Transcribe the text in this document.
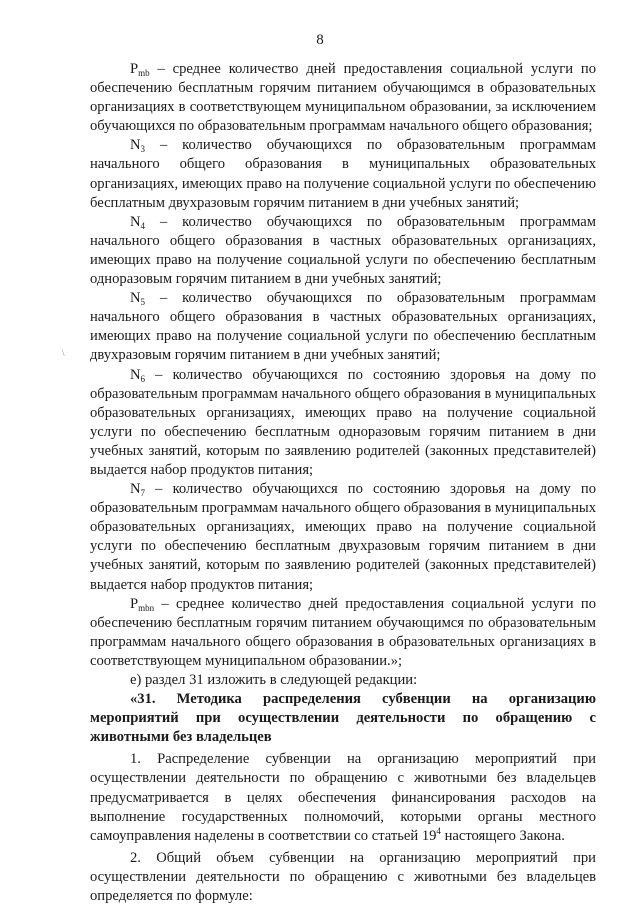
8
\

$P_{mb}$ – среднее количество дней предоставления социальной услуги по обеспечению бесплатным горячим питанием обучающимся в образовательных организациях в соответствующем муниципальном образовании, за исключением обучающихся по образовательным программам начального общего образования;

$N_3$ – количество обучающихся по образовательным программам начального общего образования в муниципальных образовательных организациях, имеющих право на получение социальной услуги по обеспечению бесплатным двухразовым горячим питанием в дни учебных занятий;

$N_4$ – количество обучающихся по образовательным программам начального общего образования в частных образовательных организациях, имеющих право на получение социальной услуги по обеспечению бесплатным одноразовым горячим питанием в дни учебных занятий;

$N_5$ – количество обучающихся по образовательным программам начального общего образования в частных образовательных организациях, имеющих право на получение социальной услуги по обеспечению бесплатным двухразовым горячим питанием в дни учебных занятий;

$N_6$ – количество обучающихся по состоянию здоровья на дому по образовательным программам начального общего образования в муниципальных образовательных организациях, имеющих право на получение социальной услуги по обеспечению бесплатным одноразовым горячим питанием в дни учебных занятий, которым по заявлению родителей (законных представителей) выдается набор продуктов питания;

$N_7$ – количество обучающихся по состоянию здоровья на дому по образовательным программам начального общего образования в муниципальных образовательных организациях, имеющих право на получение социальной услуги по обеспечению бесплатным двухразовым горячим питанием в дни учебных занятий, которым по заявлению родителей (законных представителей) выдается набор продуктов питания;

$P_{mbn}$ – среднее количество дней предоставления социальной услуги по обеспечению бесплатным горячим питанием обучающимся по образовательным программам начального общего образования в образовательных организациях в соответствующем муниципальном образовании.»;

е) раздел 31 изложить в следующей редакции:

«31. Методика распределения субвенции на организацию мероприятий при осуществлении деятельности по обращению с животными без владельцев

1. Распределение субвенции на организацию мероприятий при осуществлении деятельности по обращению с животными без владельцев предусматривается в целях обеспечения финансирования расходов на выполнение государственных полномочий, которыми органы местного самоуправления наделены в соответствии со статьей $19^4$ настоящего Закона.

2. Общий объем субвенции на организацию мероприятий при осуществлении деятельности по обращению с животными без владельцев определяется по формуле:
